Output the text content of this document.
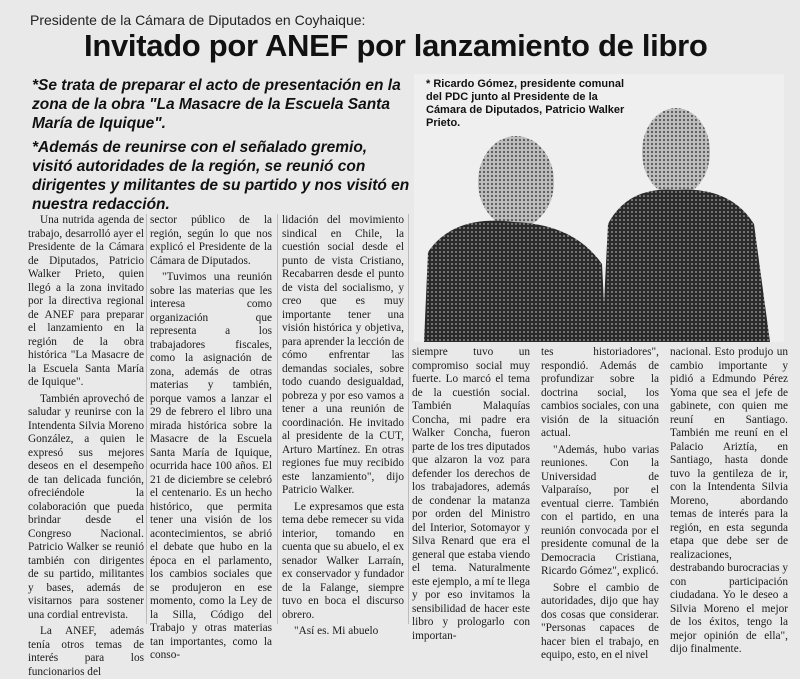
Presidente de la Cámara de Diputados en Coyhaique:
Invitado por ANEF por lanzamiento de libro
*Se trata de preparar el acto de presentación en la zona de la obra "La Masacre de la Escuela Santa María de Iquique".
*Además de reunirse con el señalado gremio, visitó autoridades de la región, se reunió con dirigentes y militantes de su partido y nos visitó en nuestra redacción.
* Ricardo Gómez, presidente comunal del PDC junto al Presidente de la Cámara de Diputados, Patricio Walker Prieto.

Una nutrida agenda de trabajo, desarrolló ayer el Presidente de la Cámara de Diputados, Patricio Walker Prieto, quien llegó a la zona invitado por la directiva regional de ANEF para preparar el lanzamiento en la región de la obra histórica "La Masacre de la Escuela Santa María de Iquique".

También aprovechó de saludar y reunirse con la Intendenta Silvia Moreno González, a quien le expresó sus mejores deseos en el desempeño de tan delicada función, ofreciéndole la colaboración que pueda brindar desde el Congreso Nacional. Patricio Walker se reunió también con dirigentes de su partido, militantes y bases, además de visitarnos para sostener una cordial entrevista.

La ANEF, además tenía otros temas de interés para los funcionarios del

sector público de la región, según lo que nos explicó el Presidente de la Cámara de Diputados.

"Tuvimos una reunión sobre las materias que les interesa como organización que representa a los trabajadores fiscales, como la asignación de zona, además de otras materias y también, porque vamos a lanzar el 29 de febrero el libro una mirada histórica sobre la Masacre de la Escuela Santa María de Iquique, ocurrida hace 100 años. El 21 de diciembre se celebró el centenario. Es un hecho histórico, que permita tener una visión de los acontecimientos, se abrió el debate que hubo en la época en el parlamento, los cambios sociales que se produjeron en ese momento, como la Ley de la Silla, Código del Trabajo y otras materias tan importantes, como la conso-

lidación del movimiento sindical en Chile, la cuestión social desde el punto de vista Cristiano, Recabarren desde el punto de vista del socialismo, y creo que es muy importante tener una visión histórica y objetiva, para aprender la lección de cómo enfrentar las demandas sociales, sobre todo cuando desigualdad, pobreza y por eso vamos a tener a una reunión de coordinación. He invitado al presidente de la CUT, Arturo Martínez. En otras regiones fue muy recibido este lanzamiento", dijo Patricio Walker.

Le expresamos que esta tema debe remecer su vida interior, tomando en cuenta que su abuelo, el ex senador Walker Larraín, ex conservador y fundador de la Falange, siempre tuvo en boca el discurso obrero.

"Así es. Mi abuelo

siempre tuvo un compromiso social muy fuerte. Lo marcó el tema de la cuestión social. También Malaquías Concha, mi padre era Walker Concha, fueron parte de los tres diputados que alzaron la voz para defender los derechos de los trabajadores, además de condenar la matanza por orden del Ministro del Interior, Sotomayor y Silva Renard que era el general que estaba viendo el tema. Naturalmente este ejemplo, a mí te llega y por eso invitamos la sensibilidad de hacer este libro y prologarlo con importan-

tes historiadores", respondió. Además de profundizar sobre la doctrina social, los cambios sociales, con una visión de la situación actual.

"Además, hubo varias reuniones. Con la Universidad de Valparaíso, por el eventual cierre. También con el partido, en una reunión convocada por el presidente comunal de la Democracia Cristiana, Ricardo Gómez", explicó.

Sobre el cambio de autoridades, dijo que hay dos cosas que considerar. "Personas capaces de hacer bien el trabajo, en equipo, esto, en el nivel

nacional. Esto produjo un cambio importante y pidió a Edmundo Pérez Yoma que sea el jefe de gabinete, con quien me reuní en Santiago. También me reuní en el Palacio Ariztía, en Santiago, hasta donde tuvo la gentileza de ir, con la Intendenta Silvia Moreno, abordando temas de interés para la región, en esta segunda etapa que debe ser de realizaciones, destrabando burocracias y con participación ciudadana. Yo le deseo a Silvia Moreno el mejor de los éxitos, tengo la mejor opinión de ella", dijo finalmente.
